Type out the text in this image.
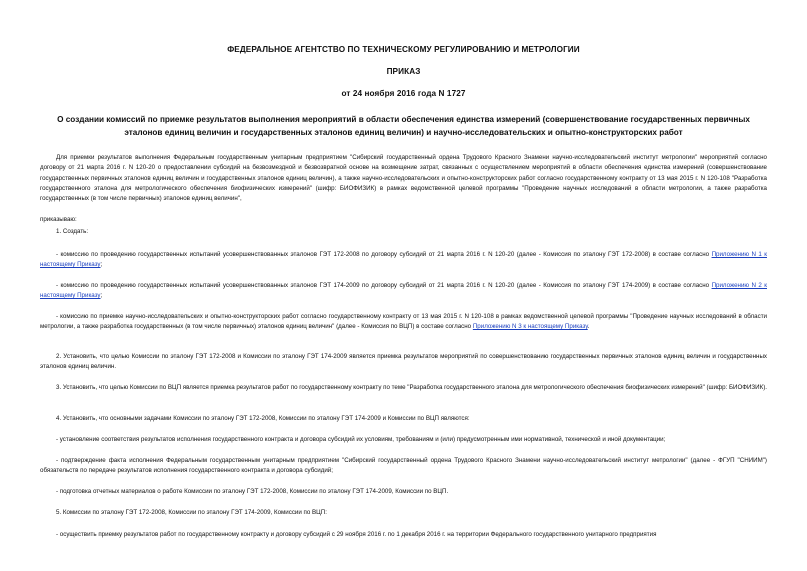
ФЕДЕРАЛЬНОЕ АГЕНТСТВО ПО ТЕХНИЧЕСКОМУ РЕГУЛИРОВАНИЮ И МЕТРОЛОГИИ
ПРИКАЗ
от 24 ноября 2016 года N 1727
О создании комиссий по приемке результатов выполнения мероприятий в области обеспечения единства измерений (совершенствование государственных первичных эталонов единиц величин и государственных эталонов единиц величин) и научно-исследовательских и опытно-конструкторских работ
Для приемки результатов выполнения Федеральным государственным унитарным предприятием "Сибирский государственный ордена Трудового Красного Знамени научно-исследовательский институт метрологии" мероприятий согласно договору от 21 марта 2016 г. N 120-20 о предоставлении субсидий на безвозмездной и безвозвратной основе на возмещение затрат, связанных с осуществлением мероприятий в области обеспечения единства измерений (совершенствование государственных первичных эталонов единиц величин и государственных эталонов единиц величин), а также научно-исследовательских и опытно-конструкторских работ согласно государственному контракту от 13 мая 2015 г. N 120-108 "Разработка государственного эталона для метрологического обеспечения биофизических измерений" (шифр: БИОФИЗИК) в рамках ведомственной целевой программы "Проведение научных исследований в области метрологии, а также разработка государственных (в том числе первичных) эталонов единиц величин",
приказываю:
1. Создать:
- комиссию по проведению государственных испытаний усовершенствованных эталонов ГЭТ 172-2008 по договору субсидий от 21 марта 2016 г. N 120-20 (далее - Комиссия по эталону ГЭТ 172-2008) в составе согласно Приложению N 1 к настоящему Приказу;
- комиссию по проведению государственных испытаний усовершенствованных эталонов ГЭТ 174-2009 по договору субсидий от 21 марта 2016 г. N 120-20 (далее - Комиссия по эталону ГЭТ 174-2009) в составе согласно Приложению N 2 к настоящему Приказу;
- комиссию по приемке научно-исследовательских и опытно-конструкторских работ согласно государственному контракту от 13 мая 2015 г. N 120-108 в рамках ведомственной целевой программы "Проведение научных исследований в области метрологии, а также разработка государственных (в том числе первичных) эталонов единиц величин" (далее - Комиссия по ВЦП) в составе согласно Приложению N 3 к настоящему Приказу.
2. Установить, что целью Комиссии по эталону ГЭТ 172-2008 и Комиссии по эталону ГЭТ 174-2009 является приемка результатов мероприятий по совершенствованию государственных первичных эталонов единиц величин и государственных эталонов единиц величин.
3. Установить, что целью Комиссии по ВЦП является приемка результатов работ по государственному контракту по теме "Разработка государственного эталона для метрологического обеспечения биофизических измерений" (шифр: БИОФИЗИК).
4. Установить, что основными задачами Комиссии по эталону ГЭТ 172-2008, Комиссии по эталону ГЭТ 174-2009 и Комиссии по ВЦП являются:
- установление соответствия результатов исполнения государственного контракта и договора субсидий их условиям, требованиям и (или) предусмотренным ими нормативной, технической и иной документации;
- подтверждение факта исполнения Федеральным государственным унитарным предприятием "Сибирский государственный ордена Трудового Красного Знамени научно-исследовательский институт метрологии" (далее - ФГУП "СНИИМ") обязательств по передаче результатов исполнения государственного контракта и договора субсидий;
- подготовка отчетных материалов о работе Комиссии по эталону ГЭТ 172-2008, Комиссии по эталону ГЭТ 174-2009, Комиссии по ВЦП.
5. Комиссии по эталону ГЭТ 172-2008, Комиссии по эталону ГЭТ 174-2009, Комиссии по ВЦП:
- осуществить приемку результатов работ по государственному контракту и договору субсидий с 29 ноября 2016 г. по 1 декабря 2016 г. на территории Федерального государственного унитарного предприятия
